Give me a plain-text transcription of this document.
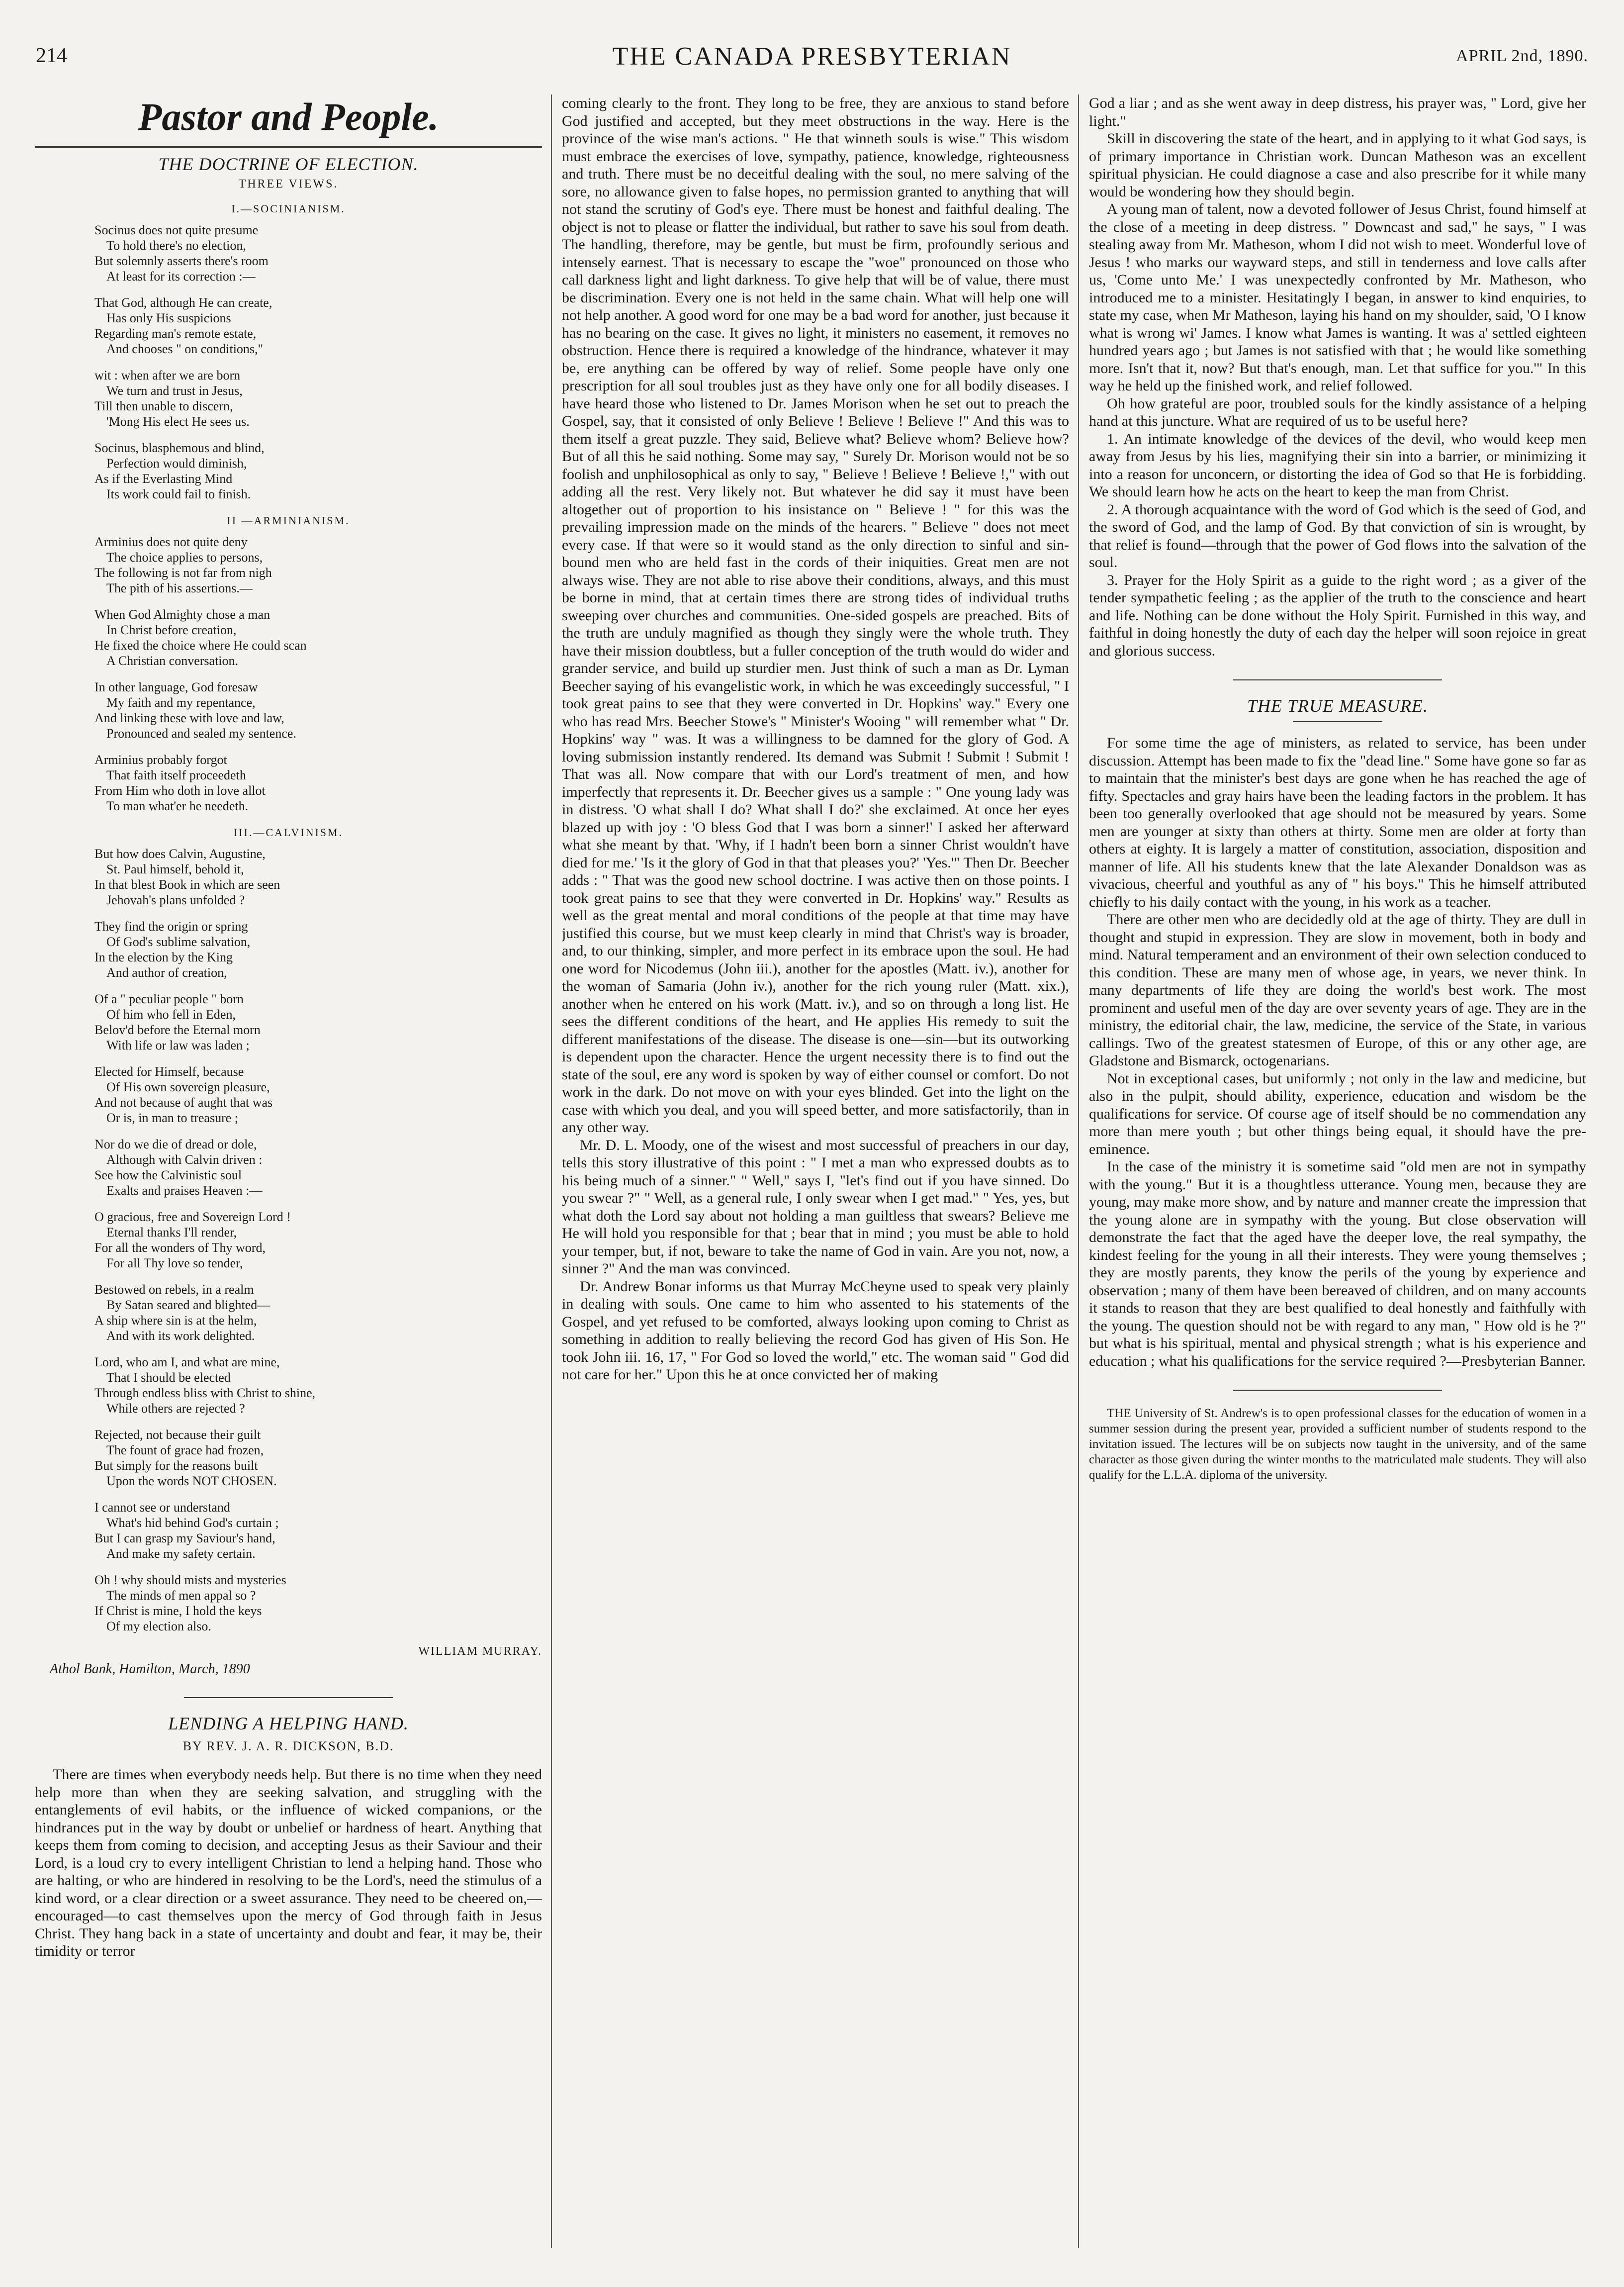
214	THE CANADA PRESBYTERIAN	APRIL 2nd, 1890.
Pastor and People.
THE DOCTRINE OF ELECTION.
THREE VIEWS.
I.—SOCINIANISM.
Socinus does not quite presume
To hold there's no election,
But solemnly asserts there's room
At least for its correction :—
That God, although He can create,
Has only His suspicions
Regarding man's remote estate,
And chooses " on conditions,"
wit : when after we are born
We turn and trust in Jesus,
Till then unable to discern,
'Mong His elect He sees us.
Socinus, blasphemous and blind,
Perfection would diminish,
As if the Everlasting Mind
Its work could fail to finish.
II —ARMINIANISM.
Arminius does not quite deny
The choice applies to persons,
The following is not far from nigh
The pith of his assertions.—
When God Almighty chose a man
In Christ before creation,
He fixed the choice where He could scan
A Christian conversation.
In other language, God foresaw
My faith and my repentance,
And linking these with love and law,
Pronounced and sealed my sentence.
Arminius probably forgot
That faith itself proceedeth
From Him who doth in love allot
To man what'er he needeth.
III.—CALVINISM.
But how does Calvin, Augustine,
St. Paul himself, behold it,
In that blest Book in which are seen
Jehovah's plans unfolded ?
They find the origin or spring
Of God's sublime salvation,
In the election by the King
And author of creation,
Of a " peculiar people " born
Of him who fell in Eden,
Belov'd before the Eternal morn
With life or law was laden ;
Elected for Himself, because
Of His own sovereign pleasure,
And not because of aught that was
Or is, in man to treasure ;
Nor do we die of dread or dole,
Although with Calvin driven :
See how the Calvinistic soul
Exalts and praises Heaven :—
O gracious, free and Sovereign Lord !
Eternal thanks I'll render,
For all the wonders of Thy word,
For all Thy love so tender,
Bestowed on rebels, in a realm
By Satan seared and blighted—
A ship where sin is at the helm,
And with its work delighted.
Lord, who am I, and what are mine,
That I should be elected
Through endless bliss with Christ to shine,
While others are rejected ?
Rejected, not because their guilt
The fount of grace had frozen,
But simply for the reasons built
Upon the words NOT CHOSEN.
I cannot see or understand
What's hid behind God's curtain ;
But I can grasp my Saviour's hand,
And make my safety certain.
Oh ! why should mists and mysteries
The minds of men appal so ?
If Christ is mine, I hold the keys
Of my election also.
WILLIAM MURRAY.
Athol Bank, Hamilton, March, 1890
LENDING A HELPING HAND.
BY REV. J. A. R. DICKSON, B.D.

There are times when everybody needs help. But there is no time when they need help more than when they are seeking salvation, and struggling with the entanglements of evil habits, or the influence of wicked companions, or the hindrances put in the way by doubt or unbelief or hardness of heart. Anything that keeps them from coming to decision, and accepting Jesus as their Saviour and their Lord, is a loud cry to every intelligent Christian to lend a helping hand. Those who are halting, or who are hindered in resolving to be the Lord's, need the stimulus of a kind word, or a clear direction or a sweet assurance. They need to be cheered on,—encouraged—to cast themselves upon the mercy of God through faith in Jesus Christ. They hang back in a state of uncertainty and doubt and fear, it may be, their timidity or terror

coming clearly to the front. They long to be free, they are anxious to stand before God justified and accepted, but they meet obstructions in the way. Here is the province of the wise man's actions. " He that winneth souls is wise." This wisdom must embrace the exercises of love, sympathy, patience, knowledge, righteousness and truth. There must be no deceitful dealing with the soul, no mere salving of the sore, no allowance given to false hopes, no permission granted to anything that will not stand the scrutiny of God's eye. There must be honest and faithful dealing. The object is not to please or flatter the individual, but rather to save his soul from death. The handling, therefore, may be gentle, but must be firm, profoundly serious and intensely earnest. That is necessary to escape the "woe" pronounced on those who call darkness light and light darkness. To give help that will be of value, there must be discrimination. Every one is not held in the same chain. What will help one will not help another. A good word for one may be a bad word for another, just because it has no bearing on the case. It gives no light, it ministers no easement, it removes no obstruction. Hence there is required a knowledge of the hindrance, whatever it may be, ere anything can be offered by way of relief. Some people have only one prescription for all soul troubles just as they have only one for all bodily diseases. I have heard those who listened to Dr. James Morison when he set out to preach the Gospel, say, that it consisted of only Believe ! Believe ! Believe !" And this was to them itself a great puzzle. They said, Believe what? Believe whom? Believe how? But of all this he said nothing. Some may say, " Surely Dr. Morison would not be so foolish and unphilosophical as only to say, " Believe ! Believe ! Believe !," with out adding all the rest. Very likely not. But whatever he did say it must have been altogether out of proportion to his insistance on " Believe ! " for this was the prevailing impression made on the minds of the hearers. " Believe " does not meet every case. If that were so it would stand as the only direction to sinful and sin-bound men who are held fast in the cords of their iniquities. Great men are not always wise. They are not able to rise above their conditions, always, and this must be borne in mind, that at certain times there are strong tides of individual truths sweeping over churches and communities. One-sided gospels are preached. Bits of the truth are unduly magnified as though they singly were the whole truth. They have their mission doubtless, but a fuller conception of the truth would do wider and grander service, and build up sturdier men. Just think of such a man as Dr. Lyman Beecher saying of his evangelistic work, in which he was exceedingly successful, " I took great pains to see that they were converted in Dr. Hopkins' way." Every one who has read Mrs. Beecher Stowe's " Minister's Wooing " will remember what " Dr. Hopkins' way " was. It was a willingness to be damned for the glory of God. A loving submission instantly rendered. Its demand was Submit ! Submit ! Submit ! That was all. Now compare that with our Lord's treatment of men, and how imperfectly that represents it. Dr. Beecher gives us a sample : " One young lady was in distress. 'O what shall I do? What shall I do?' she exclaimed. At once her eyes blazed up with joy : 'O bless God that I was born a sinner!' I asked her afterward what she meant by that. 'Why, if I hadn't been born a sinner Christ wouldn't have died for me.' 'Is it the glory of God in that that pleases you?' 'Yes.'" Then Dr. Beecher adds : " That was the good new school doctrine. I was active then on those points. I took great pains to see that they were converted in Dr. Hopkins' way." Results as well as the great mental and moral conditions of the people at that time may have justified this course, but we must keep clearly in mind that Christ's way is broader, and, to our thinking, simpler, and more perfect in its embrace upon the soul. He had one word for Nicodemus (John iii.), another for the apostles (Matt. iv.), another for the woman of Samaria (John iv.), another for the rich young ruler (Matt. xix.), another when he entered on his work (Matt. iv.), and so on through a long list. He sees the different conditions of the heart, and He applies His remedy to suit the different manifestations of the disease. The disease is one—sin—but its outworking is dependent upon the character. Hence the urgent necessity there is to find out the state of the soul, ere any word is spoken by way of either counsel or comfort. Do not work in the dark. Do not move on with your eyes blinded. Get into the light on the case with which you deal, and you will speed better, and more satisfactorily, than in any other way.

Mr. D. L. Moody, one of the wisest and most successful of preachers in our day, tells this story illustrative of this point : " I met a man who expressed doubts as to his being much of a sinner." " Well," says I, "let's find out if you have sinned. Do you swear ?" " Well, as a general rule, I only swear when I get mad." " Yes, yes, but what doth the Lord say about not holding a man guiltless that swears? Believe me He will hold you responsible for that ; bear that in mind ; you must be able to hold your temper, but, if not, beware to take the name of God in vain. Are you not, now, a sinner ?" And the man was convinced.

Dr. Andrew Bonar informs us that Murray McCheyne used to speak very plainly in dealing with souls. One came to him who assented to his statements of the Gospel, and yet refused to be comforted, always looking upon coming to Christ as something in addition to really believing the record God has given of His Son. He took John iii. 16, 17, " For God so loved the world," etc. The woman said " God did not care for her." Upon this he at once convicted her of making

God a liar ; and as she went away in deep distress, his prayer was, " Lord, give her light."

Skill in discovering the state of the heart, and in applying to it what God says, is of primary importance in Christian work. Duncan Matheson was an excellent spiritual physician. He could diagnose a case and also prescribe for it while many would be wondering how they should begin.

A young man of talent, now a devoted follower of Jesus Christ, found himself at the close of a meeting in deep distress. " Downcast and sad," he says, " I was stealing away from Mr. Matheson, whom I did not wish to meet. Wonderful love of Jesus ! who marks our wayward steps, and still in tenderness and love calls after us, 'Come unto Me.' I was unexpectedly confronted by Mr. Matheson, who introduced me to a minister. Hesitatingly I began, in answer to kind enquiries, to state my case, when Mr Matheson, laying his hand on my shoulder, said, 'O I know what is wrong wi' James. I know what James is wanting. It was a' settled eighteen hundred years ago ; but James is not satisfied with that ; he would like something more. Isn't that it, now? But that's enough, man. Let that suffice for you.'" In this way he held up the finished work, and relief followed.

Oh how grateful are poor, troubled souls for the kindly assistance of a helping hand at this juncture. What are required of us to be useful here?

1. An intimate knowledge of the devices of the devil, who would keep men away from Jesus by his lies, magnifying their sin into a barrier, or minimizing it into a reason for unconcern, or distorting the idea of God so that He is forbidding. We should learn how he acts on the heart to keep the man from Christ.

2. A thorough acquaintance with the word of God which is the seed of God, and the sword of God, and the lamp of God. By that conviction of sin is wrought, by that relief is found—through that the power of God flows into the salvation of the soul.

3. Prayer for the Holy Spirit as a guide to the right word ; as a giver of the tender sympathetic feeling ; as the applier of the truth to the conscience and heart and life. Nothing can be done without the Holy Spirit. Furnished in this way, and faithful in doing honestly the duty of each day the helper will soon rejoice in great and glorious success.

THE TRUE MEASURE.

For some time the age of ministers, as related to service, has been under discussion. Attempt has been made to fix the "dead line." Some have gone so far as to maintain that the minister's best days are gone when he has reached the age of fifty. Spectacles and gray hairs have been the leading factors in the problem. It has been too generally overlooked that age should not be measured by years. Some men are younger at sixty than others at thirty. Some men are older at forty than others at eighty. It is largely a matter of constitution, association, disposition and manner of life. All his students knew that the late Alexander Donaldson was as vivacious, cheerful and youthful as any of " his boys." This he himself attributed chiefly to his daily contact with the young, in his work as a teacher.

There are other men who are decidedly old at the age of thirty. They are dull in thought and stupid in expression. They are slow in movement, both in body and mind. Natural temperament and an environment of their own selection conduced to this condition. These are many men of whose age, in years, we never think. In many departments of life they are doing the world's best work. The most prominent and useful men of the day are over seventy years of age. They are in the ministry, the editorial chair, the law, medicine, the service of the State, in various callings. Two of the greatest statesmen of Europe, of this or any other age, are Gladstone and Bismarck, octogenarians.

Not in exceptional cases, but uniformly ; not only in the law and medicine, but also in the pulpit, should ability, experience, education and wisdom be the qualifications for service. Of course age of itself should be no commendation any more than mere youth ; but other things being equal, it should have the pre-eminence.

In the case of the ministry it is sometime said "old men are not in sympathy with the young." But it is a thoughtless utterance. Young men, because they are young, may make more show, and by nature and manner create the impression that the young alone are in sympathy with the young. But close observation will demonstrate the fact that the aged have the deeper love, the real sympathy, the kindest feeling for the young in all their interests. They were young themselves ; they are mostly parents, they know the perils of the young by experience and observation ; many of them have been bereaved of children, and on many accounts it stands to reason that they are best qualified to deal honestly and faithfully with the young. The question should not be with regard to any man, " How old is he ?" but what is his spiritual, mental and physical strength ; what is his experience and education ; what his qualifications for the service required ?—Presbyterian Banner.

THE University of St. Andrew's is to open professional classes for the education of women in a summer session during the present year, provided a sufficient number of students respond to the invitation issued. The lectures will be on subjects now taught in the university, and of the same character as those given during the winter months to the matriculated male students. They will also qualify for the L.L.A. diploma of the university.
